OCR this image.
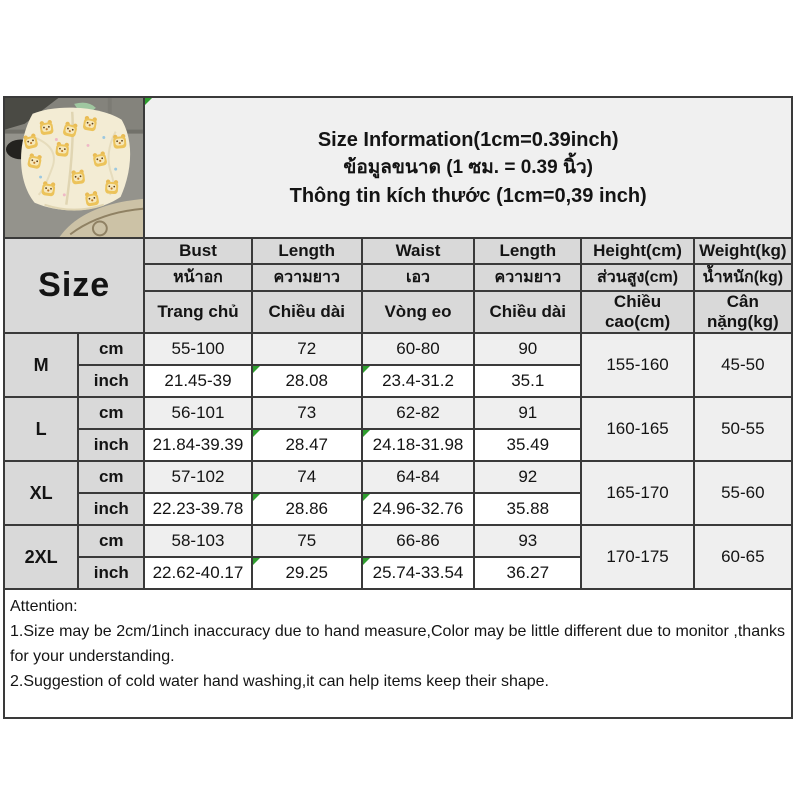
Size Information(1cm=0.39inch)
ข้อมูลขนาด (1 ซม. = 0.39 นิ้ว)
Thông tin kích thước (1cm=0,39 inch)					

Size		Bust	Length	Waist	Length	Height(cm)	Weight(kg)
		หน้าอก	ความยาว	เอว	ความยาว	ส่วนสูง(cm)	น้ำหนัก(kg)
		Trang chủ	Chiều dài	Vòng eo	Chiều dài	Chiều cao(cm)	Cân nặng(kg)
M	cm	55-100	72	60-80	90	155-160	45-50
	inch	21.45-39	28.08	23.4-31.2	35.1		
L	cm	56-101	73	62-82	91	160-165	50-55
	inch	21.84-39.39	28.47	24.18-31.98	35.49		
XL	cm	57-102	74	64-84	92	165-170	55-60
	inch	22.23-39.78	28.86	24.96-32.76	35.88		
2XL	cm	58-103	75	66-86	93	170-175	60-65
	inch	22.62-40.17	29.25	25.74-33.54	36.27		
Attention:

1.Size may be 2cm/1inch inaccuracy due to hand measure,Color may be little different due to monitor ,thanks for your understanding.

2.Suggestion of cold water hand washing,it can help items keep their shape.
